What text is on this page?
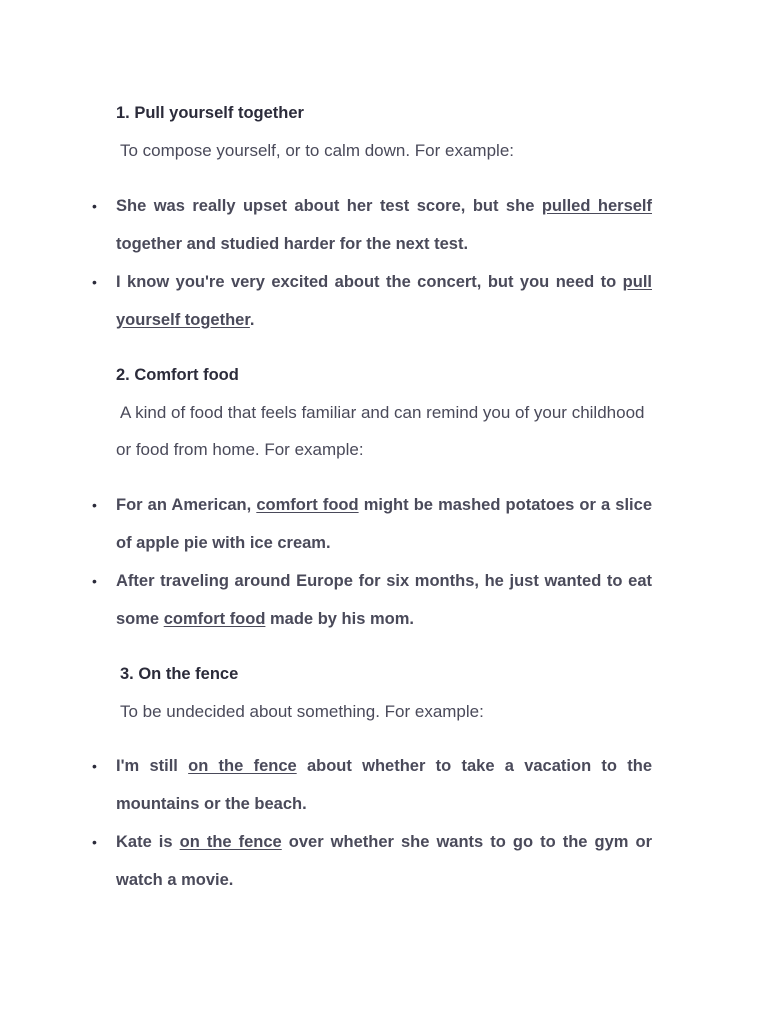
1. Pull yourself together

To compose yourself, or to calm down. For example:

• She was really upset about her test score, but she pulled herself together and studied harder for the next test.
• I know you're very excited about the concert, but you need to pull yourself together.

2. Comfort food

A kind of food that feels familiar and can remind you of your childhood or food from home. For example:

• For an American, comfort food might be mashed potatoes or a slice of apple pie with ice cream.
• After traveling around Europe for six months, he just wanted to eat some comfort food made by his mom.

3. On the fence

To be undecided about something. For example:

• I'm still on the fence about whether to take a vacation to the mountains or the beach.
• Kate is on the fence over whether she wants to go to the gym or watch a movie.
